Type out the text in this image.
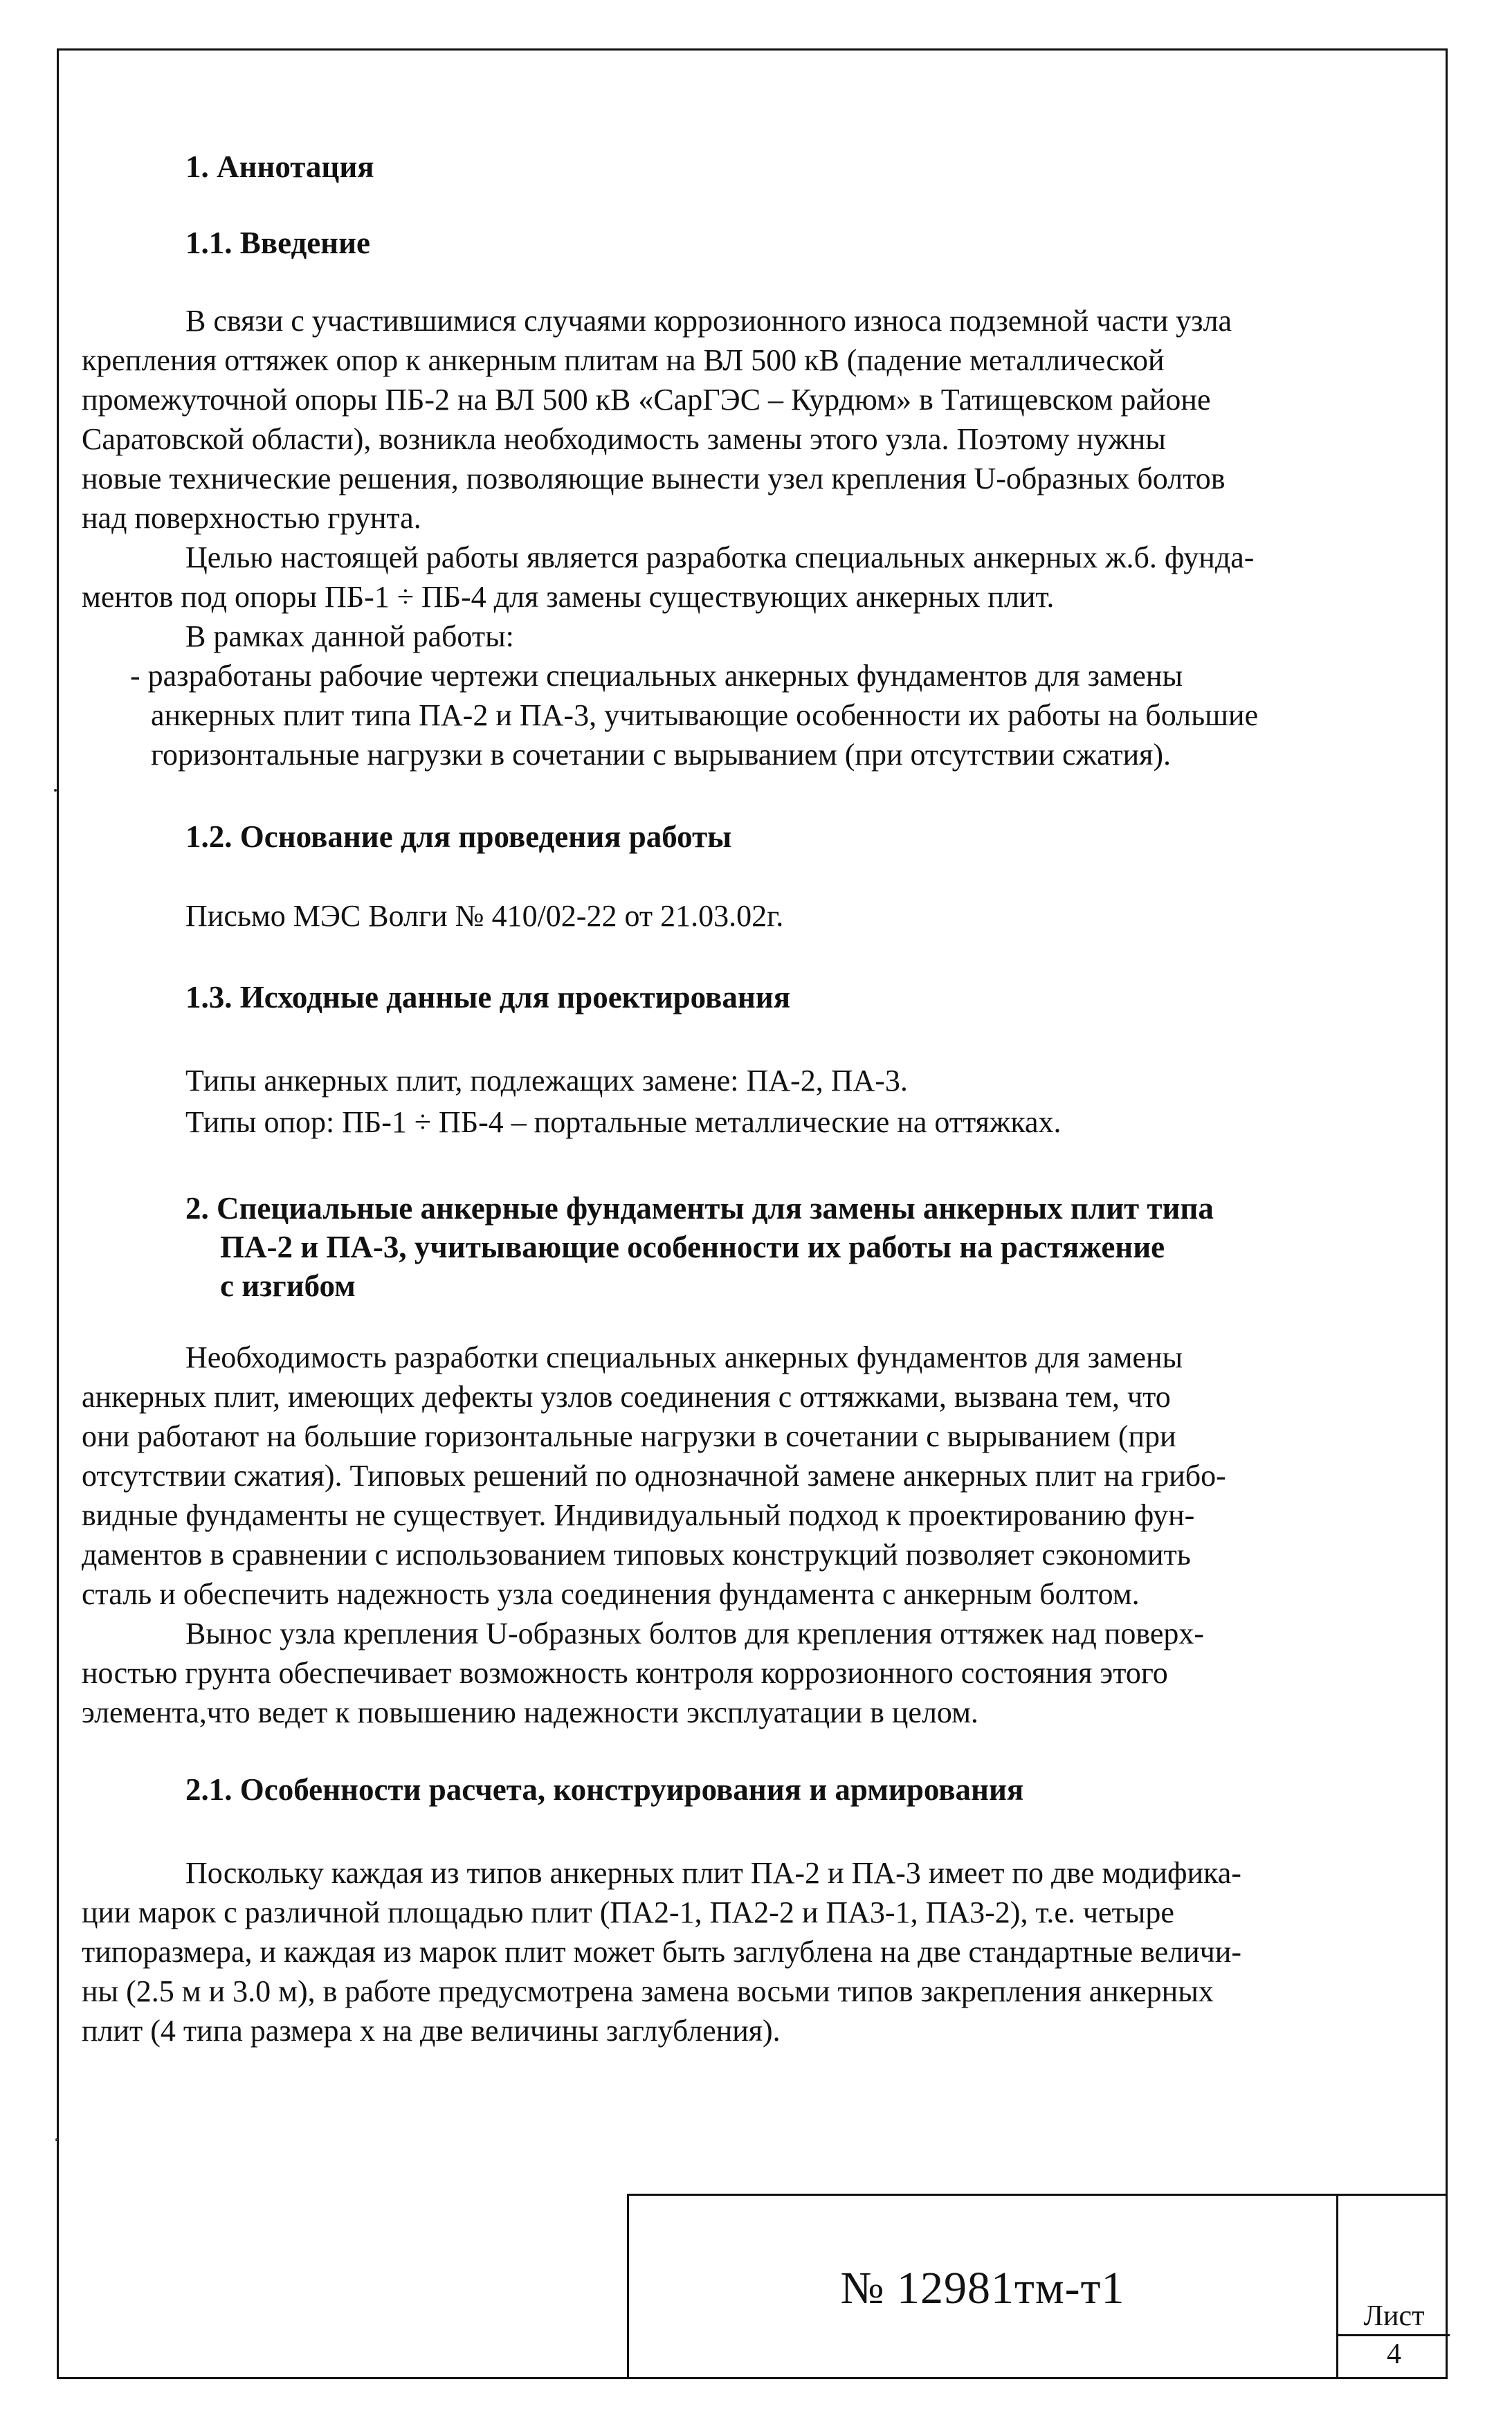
1. Аннотация
1.1. Введение
В связи с участившимися случаями коррозионного износа подземной части узла
крепления оттяжек опор к анкерным плитам на ВЛ 500 кВ (падение металлической
промежуточной опоры ПБ-2 на ВЛ 500 кВ «СарГЭС – Курдюм» в Татищевском районе
Саратовской области), возникла необходимость замены этого узла. Поэтому нужны
новые технические решения, позволяющие вынести узел крепления U-образных болтов
над поверхностью грунта.
Целью настоящей работы является разработка специальных анкерных ж.б. фунда-
ментов под опоры ПБ-1 ÷ ПБ-4 для замены существующих анкерных плит.
В рамках данной работы:
- разработаны рабочие чертежи специальных анкерных фундаментов для замены
анкерных плит типа ПА-2 и ПА-3, учитывающие особенности их работы на большие
горизонтальные нагрузки в сочетании с вырыванием (при отсутствии сжатия).
1.2. Основание для проведения работы
Письмо МЭС Волги № 410/02-22 от 21.03.02г.
1.3. Исходные данные для проектирования
Типы анкерных плит, подлежащих замене: ПА-2, ПА-3.
Типы опор: ПБ-1 ÷ ПБ-4 – портальные металлические на оттяжках.
2. Специальные анкерные фундаменты для замены анкерных плит типа
ПА-2 и ПА-3, учитывающие особенности их работы на растяжение
с изгибом
Необходимость разработки специальных анкерных фундаментов для замены
анкерных плит, имеющих дефекты узлов соединения с оттяжками, вызвана тем, что
они работают на большие горизонтальные нагрузки в сочетании с вырыванием (при
отсутствии сжатия). Типовых решений по однозначной замене анкерных плит на грибо-
видные фундаменты не существует. Индивидуальный подход к проектированию фун-
даментов в сравнении с использованием типовых конструкций позволяет сэкономить
сталь и обеспечить надежность узла соединения фундамента с анкерным болтом.
Вынос узла крепления U-образных болтов для крепления оттяжек над поверх-
ностью грунта обеспечивает возможность контроля коррозионного состояния этого
элемента,что ведет к повышению надежности эксплуатации в целом.
2.1. Особенности расчета, конструирования и армирования
Поскольку каждая из типов анкерных плит ПА-2 и ПА-3 имеет по две модифика-
ции марок с различной площадью плит (ПА2-1, ПА2-2 и ПА3-1, ПА3-2), т.е. четыре
типоразмера, и каждая из марок плит может быть заглублена на две стандартные величи-
ны (2.5 м и 3.0 м), в работе предусмотрена замена восьми типов закрепления анкерных
плит (4 типа размера х на две величины заглубления).
№ 12981тм-т1
Лист
4
